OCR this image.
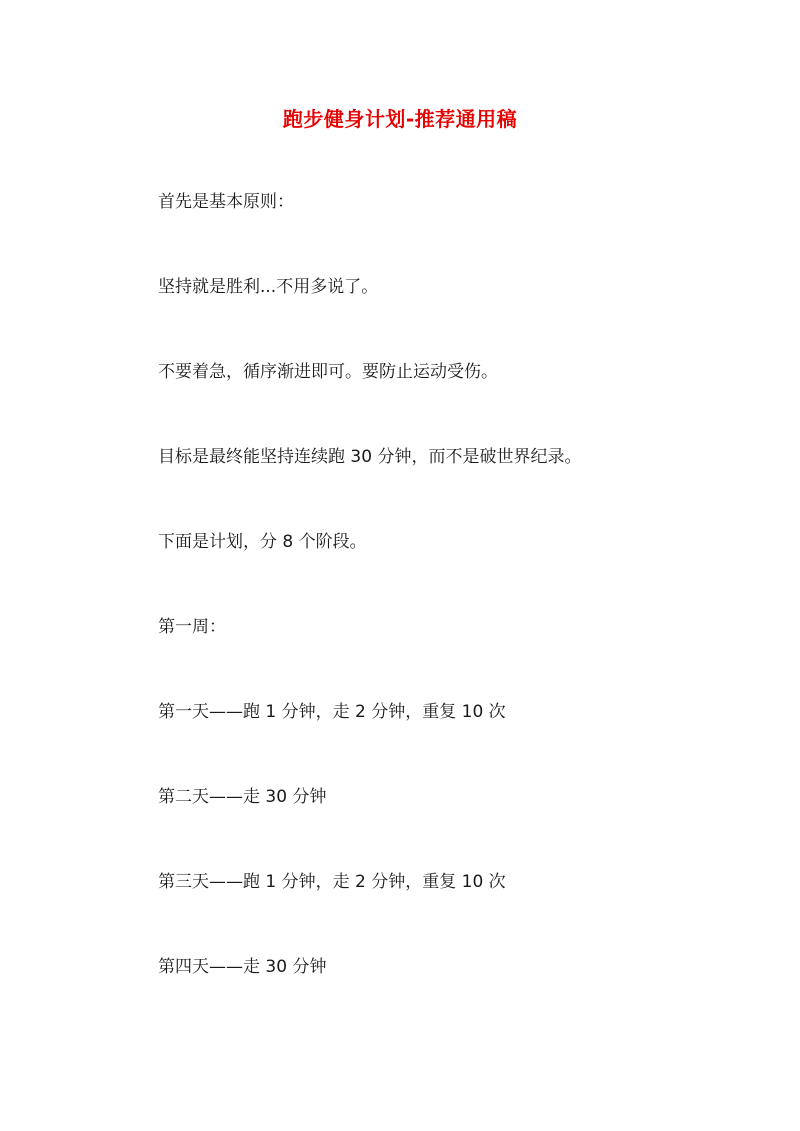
跑步健身计划-推荐通用稿
首先是基本原则：
坚持就是胜利...不用多说了。
不要着急，循序渐进即可。要防止运动受伤。
目标是最终能坚持连续跑 30 分钟，而不是破世界纪录。
下面是计划，分 8 个阶段。
第一周：
第一天——跑 1 分钟，走 2 分钟，重复 10 次
第二天——走 30 分钟
第三天——跑 1 分钟，走 2 分钟，重复 10 次
第四天——走 30 分钟
